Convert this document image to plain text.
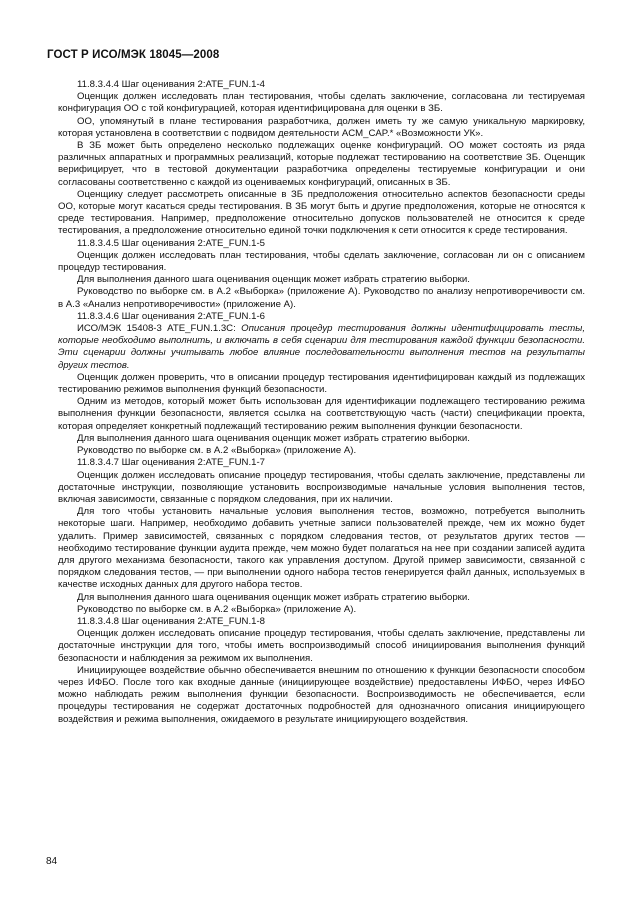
ГОСТ Р ИСО/МЭК 18045—2008

11.8.3.4.4 Шаг оценивания 2:ATE_FUN.1-4

Оценщик должен исследовать план тестирования, чтобы сделать заключение, согласована ли тестируемая конфигурация ОО с той конфигурацией, которая идентифицирована для оценки в ЗБ.

ОО, упомянутый в плане тестирования разработчика, должен иметь ту же самую уникальную маркировку, которая установлена в соответствии с подвидом деятельности ACM_CAP.* «Возможности УК».

В ЗБ может быть определено несколько подлежащих оценке конфигураций. ОО может состоять из ряда различных аппаратных и программных реализаций, которые подлежат тестированию на соответствие ЗБ. Оценщик верифицирует, что в тестовой документации разработчика определены тестируемые конфигурации и они согласованы соответственно с каждой из оцениваемых конфигураций, описанных в ЗБ.

Оценщику следует рассмотреть описанные в ЗБ предположения относительно аспектов безопасности среды ОО, которые могут касаться среды тестирования. В ЗБ могут быть и другие предположения, которые не относятся к среде тестирования. Например, предположение относительно допусков пользователей не относится к среде тестирования, а предположение относительно единой точки подключения к сети относится к среде тестирования.

11.8.3.4.5 Шаг оценивания 2:ATE_FUN.1-5

Оценщик должен исследовать план тестирования, чтобы сделать заключение, согласован ли он с описанием процедур тестирования.

Для выполнения данного шага оценивания оценщик может избрать стратегию выборки.

Руководство по выборке см. в А.2 «Выборка» (приложение А). Руководство по анализу непротиворечивости см. в А.3 «Анализ непротиворечивости» (приложение А).

11.8.3.4.6 Шаг оценивания 2:ATE_FUN.1-6

ИСО/МЭК 15408-3 ATE_FUN.1.3С: Описания процедур тестирования должны идентифицировать тесты, которые необходимо выполнить, и включать в себя сценарии для тестирования каждой функции безопасности. Эти сценарии должны учитывать любое влияние последовательности выполнения тестов на результаты других тестов.

Оценщик должен проверить, что в описании процедур тестирования идентифицирован каждый из подлежащих тестированию режимов выполнения функций безопасности.

Одним из методов, который может быть использован для идентификации подлежащего тестированию режима выполнения функции безопасности, является ссылка на соответствующую часть (части) спецификации проекта, которая определяет конкретный подлежащий тестированию режим выполнения функции безопасности.

Для выполнения данного шага оценивания оценщик может избрать стратегию выборки.

Руководство по выборке см. в А.2 «Выборка» (приложение А).

11.8.3.4.7 Шаг оценивания 2:ATE_FUN.1-7

Оценщик должен исследовать описание процедур тестирования, чтобы сделать заключение, представлены ли достаточные инструкции, позволяющие установить воспроизводимые начальные условия выполнения тестов, включая зависимости, связанные с порядком следования, при их наличии.

Для того чтобы установить начальные условия выполнения тестов, возможно, потребуется выполнить некоторые шаги. Например, необходимо добавить учетные записи пользователей прежде, чем их можно будет удалить. Пример зависимостей, связанных с порядком следования тестов, от результатов других тестов — необходимо тестирование функции аудита прежде, чем можно будет полагаться на нее при создании записей аудита для другого механизма безопасности, такого как управления доступом. Другой пример зависимости, связанной с порядком следования тестов, — при выполнении одного набора тестов генерируется файл данных, используемых в качестве исходных данных для другого набора тестов.

Для выполнения данного шага оценивания оценщик может избрать стратегию выборки.

Руководство по выборке см. в А.2 «Выборка» (приложение А).

11.8.3.4.8 Шаг оценивания 2:ATE_FUN.1-8

Оценщик должен исследовать описание процедур тестирования, чтобы сделать заключение, представлены ли достаточные инструкции для того, чтобы иметь воспроизводимый способ инициирования выполнения функций безопасности и наблюдения за режимом их выполнения.

Инициирующее воздействие обычно обеспечивается внешним по отношению к функции безопасности способом через ИФБО. После того как входные данные (инициирующее воздействие) предоставлены ИФБО, через ИФБО можно наблюдать режим выполнения функции безопасности. Воспроизводимость не обеспечивается, если процедуры тестирования не содержат достаточных подробностей для однозначного описания инициирующего воздействия и режима выполнения, ожидаемого в результате инициирующего воздействия.

84
